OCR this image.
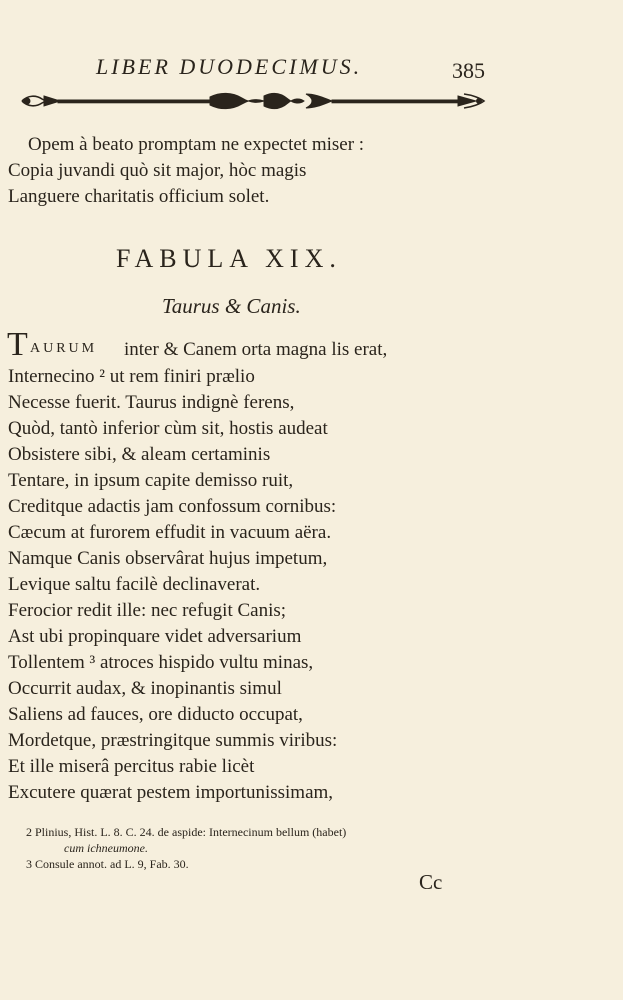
LIBER DUODECIMUS.	385
Opem à beato promptam ne expectet miser :
Copia juvandi quò sit major, hòc magis
Languere charitatis officium solet.
FABULA XIX.
Taurus & Canis.
T AURUM inter & Canem orta magna lis erat,
Internecino ² ut rem finiri prælio
Necesse fuerit. Taurus indignè ferens,
Quòd, tantò inferior cùm sit, hostis audeat
Obsistere sibi, & aleam certaminis
Tentare, in ipsum capite demisso ruit,
Creditque adactis jam confossum cornibus:
Cæcum at furorem effudit in vacuum aëra.
Namque Canis observârat hujus impetum,
Levique saltu facilè declinaverat.
Ferocior redit ille: nec refugit Canis;
Ast ubi propinquare videt adversarium
Tollentem ³ atroces hispido vultu minas,
Occurrit audax, & inopinantis simul
Saliens ad fauces, ore diducto occupat,
Mordetque, præstringitque summis viribus:
Et ille miserâ percitus rabie licèt
Excutere quærat pestem importunissimam,
2 Plinius, Hist. L. 8. C. 24. de aspide: Internecinum bellum (habet)
cum ichneumone.
3 Consule annot. ad L. 9, Fab. 30.
Cc
